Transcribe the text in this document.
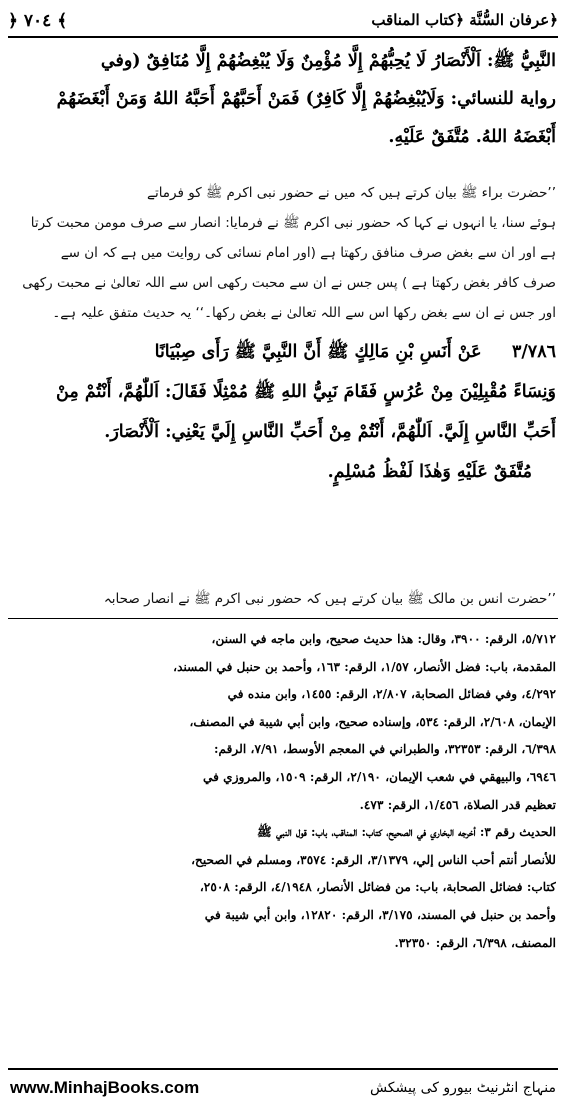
﴾ ٧٠٤ ﴿	﴿عرفان السُّنَّة ﴿كتاب المناقب
النَّبِيُّ ﷺ: اَلْأَنْصَارُ لَا يُحِبُّهُمْ إِلَّا مُؤْمِنٌ وَلَا يُبْغِضُهُمْ إِلَّا مُنَافِقٌ (وفي
رواية للنسائي: وَلَايُبْغِضُهُمْ إِلَّا كَافِرٌ) فَمَنْ أَحَبَّهُمْ أَحَبَّهُ اللهُ وَمَنْ أَبْغَضَهُمْ
أَبْغَضَهُ اللهُ. مُتَّفَقٌ عَلَيْهِ.
’’حضرت براء ﷺ بیان کرتے ہیں کہ میں نے حضور نبی اکرم ﷺ کو فرماتے
ہوئے سنا، یا انہوں نے کہا کہ حضور نبی اکرم ﷺ نے فرمایا: انصار سے صرف مومن محبت کرتا
ہے اور ان سے بغض صرف منافق رکھتا ہے (اور امام نسائی کی روایت میں ہے کہ ان سے
صرف کافر بغض رکھتا ہے ) پس جس نے ان سے محبت رکھی اس سے اللہ تعالیٰ نے محبت رکھی
اور جس نے ان سے بغض رکھا اس سے اللہ تعالیٰ نے بغض رکھا۔‘‘ یہ حدیث متفق علیہ ہے۔
٣/٧٨٦     عَنْ أَنَسِ بْنِ مَالِكٍ ﷺ أَنَّ النَّبِيَّ ﷺ رَأَى صِبْيَانًا
وَنِسَاءً مُقْبِلِيْنَ مِنْ عُرُسٍ فَقَامَ نَبِيُّ اللهِ ﷺ مُمْثِلًا فَقَالَ: اَللّٰهُمَّ، أَنْتُمْ مِنْ
أَحَبِّ النَّاسِ إِلَيَّ. اَللّٰهُمَّ، أَنْتُمْ مِنْ أَحَبِّ النَّاسِ إِلَيَّ يَعْنِي: اَلْأَنْصَارَ.
مُتَّفَقٌ عَلَيْهِ وَهٰذَا لَفْظُ مُسْلِمٍ.
’’حضرت انس بن مالک ﷺ بیان کرتے ہیں کہ حضور نبی اکرم ﷺ نے انصار صحابہ
٥/٧١٢، الرقم: ٣٩٠٠، وقال: هذا حديث صحيح، وابن ماجه في السنن،
المقدمة، باب: فضل الأنصار، ١/٥٧، الرقم: ١٦٣، وأحمد بن حنبل في المسند،
٤/٢٩٢، وفي فضائل الصحابة، ٢/٨٠٧، الرقم: ١٤٥٥، وابن منده في
الإيمان، ٢/٦٠٨، الرقم: ٥٣٤، وإسناده صحيح، وابن أبي شيبة في المصنف،
٦/٣٩٨، الرقم: ٣٢٣٥٣، والطبراني في المعجم الأوسط، ٧/٩١، الرقم:
٦٩٤٦، والبيهقي في شعب الإيمان، ٢/١٩٠، الرقم: ١٥٠٩، والمروزي في
تعظيم قدر الصلاة، ١/٤٥٦، الرقم: ٤٧٣.
الحديث رقم ٣: أخرجه البخاري في الصحيح، كتاب: المناقب، باب: قول النبي ﷺ
للأنصار أنتم أحب الناس إلي، ٣/١٣٧٩، الرقم: ٣٥٧٤، ومسلم في الصحيح،
كتاب: فضائل الصحابة، باب: من فضائل الأنصار، ٤/١٩٤٨، الرقم: ٢٥٠٨،
وأحمد بن حنبل في المسند، ٣/١٧٥، الرقم: ١٢٨٢٠، وابن أبي شيبة في
المصنف، ٦/٣٩٨، الرقم: ٣٢٣٥٠.
www.MinhajBooks.com	منہاج انٹرنیٹ بیورو کی پیشکش
